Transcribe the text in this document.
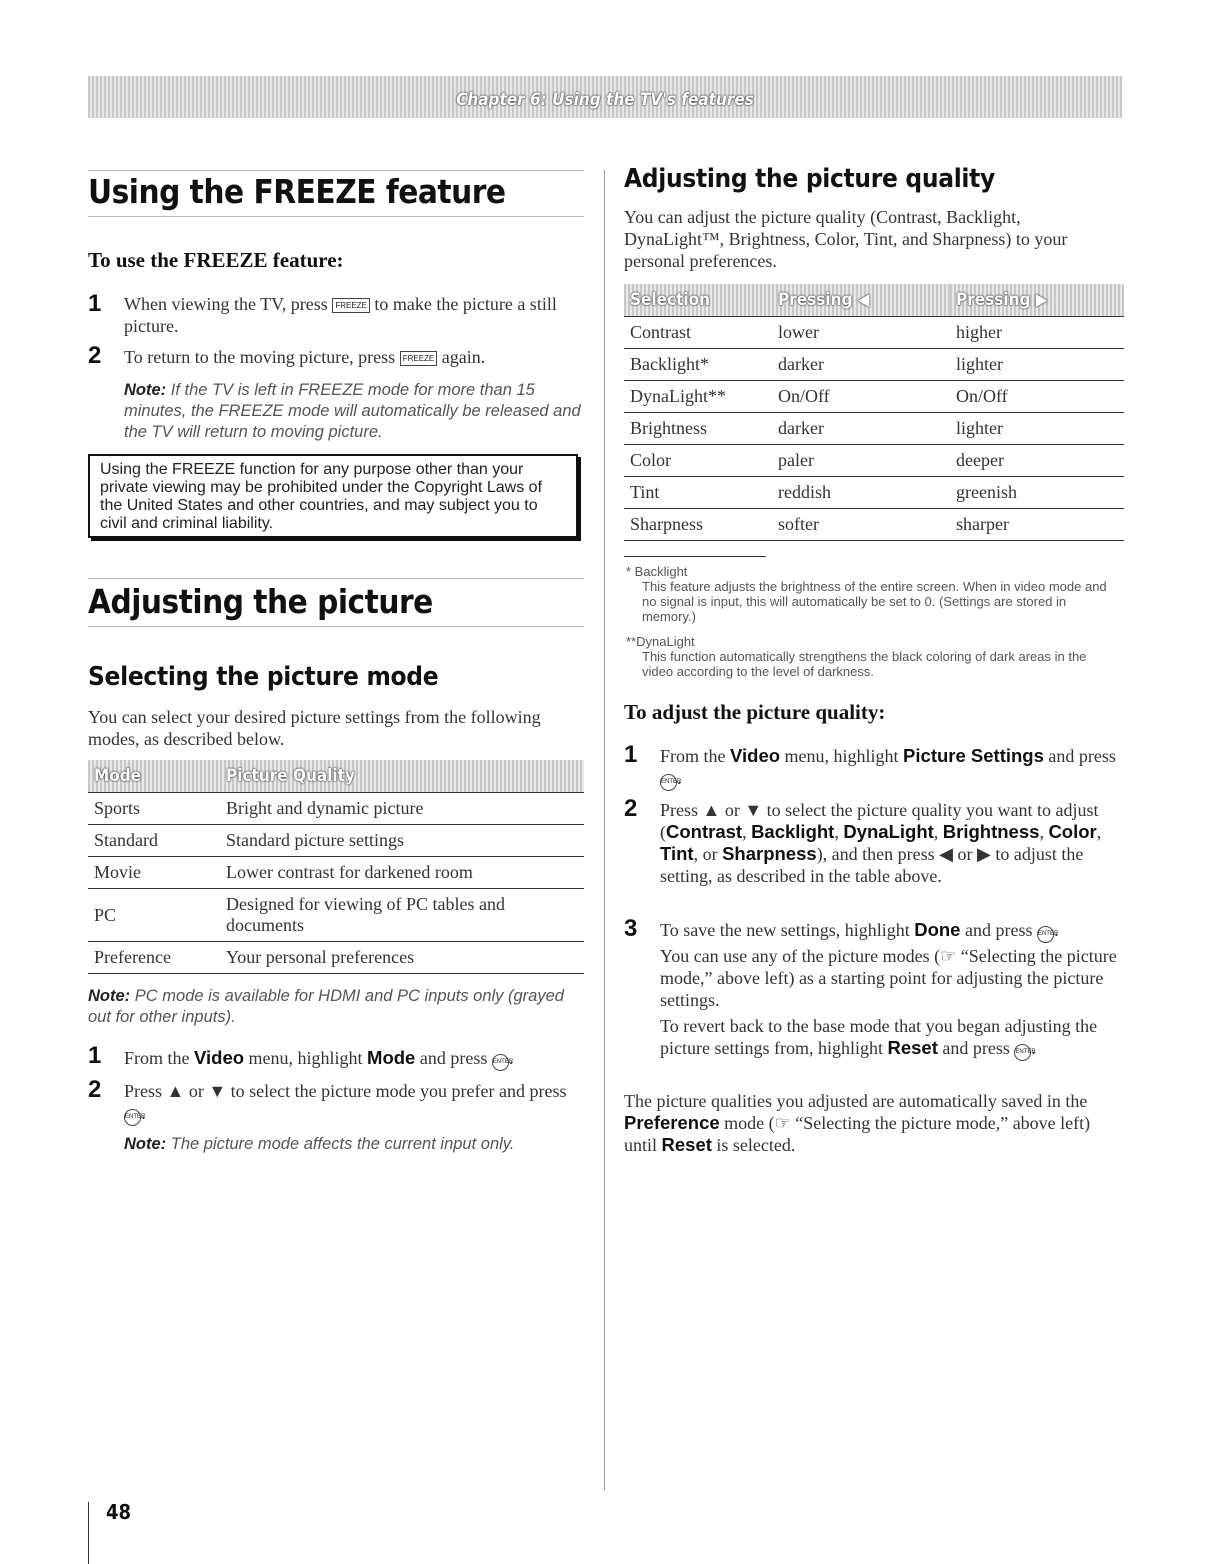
Chapter 6: Using the TV's features
Using the FREEZE feature
To use the FREEZE feature:
1 When viewing the TV, press FREEZE to make the picture a still picture.
2 To return to the moving picture, press FREEZE again.
Note: If the TV is left in FREEZE mode for more than 15 minutes, the FREEZE mode will automatically be released and the TV will return to moving picture.
Using the FREEZE function for any purpose other than your private viewing may be prohibited under the Copyright Laws of the United States and other countries, and may subject you to civil and criminal liability.
Adjusting the picture
Selecting the picture mode
You can select your desired picture settings from the following modes, as described below.
Mode	Picture Quality
Sports	Bright and dynamic picture
Standard	Standard picture settings
Movie	Lower contrast for darkened room
PC	Designed for viewing of PC tables and documents
Preference	Your personal preferences
Note: PC mode is available for HDMI and PC inputs only (grayed out for other inputs).
1 From the Video menu, highlight Mode and press ENTER.
2 Press ▲ or ▼ to select the picture mode you prefer and press ENTER.
Note: The picture mode affects the current input only.
Adjusting the picture quality
You can adjust the picture quality (Contrast, Backlight, DynaLight™, Brightness, Color, Tint, and Sharpness) to your personal preferences.
Selection	Pressing ◀	Pressing ▶
Contrast	lower	higher
Backlight*	darker	lighter
DynaLight**	On/Off	On/Off
Brightness	darker	lighter
Color	paler	deeper
Tint	reddish	greenish
Sharpness	softer	sharper
* Backlight
This feature adjusts the brightness of the entire screen. When in video mode and no signal is input, this will automatically be set to 0. (Settings are stored in memory.)
**DynaLight
This function automatically strengthens the black coloring of dark areas in the video according to the level of darkness.
To adjust the picture quality:
1 From the Video menu, highlight Picture Settings and press ENTER.
2 Press ▲ or ▼ to select the picture quality you want to adjust (Contrast, Backlight, DynaLight, Brightness, Color, Tint, or Sharpness), and then press ◀ or ▶ to adjust the setting, as described in the table above.
3 To save the new settings, highlight Done and press ENTER.
You can use any of the picture modes (☞ “Selecting the picture mode,” above left) as a starting point for adjusting the picture settings.
To revert back to the base mode that you began adjusting the picture settings from, highlight Reset and press ENTER.
The picture qualities you adjusted are automatically saved in the Preference mode (☞ “Selecting the picture mode,” above left) until Reset is selected.
48
